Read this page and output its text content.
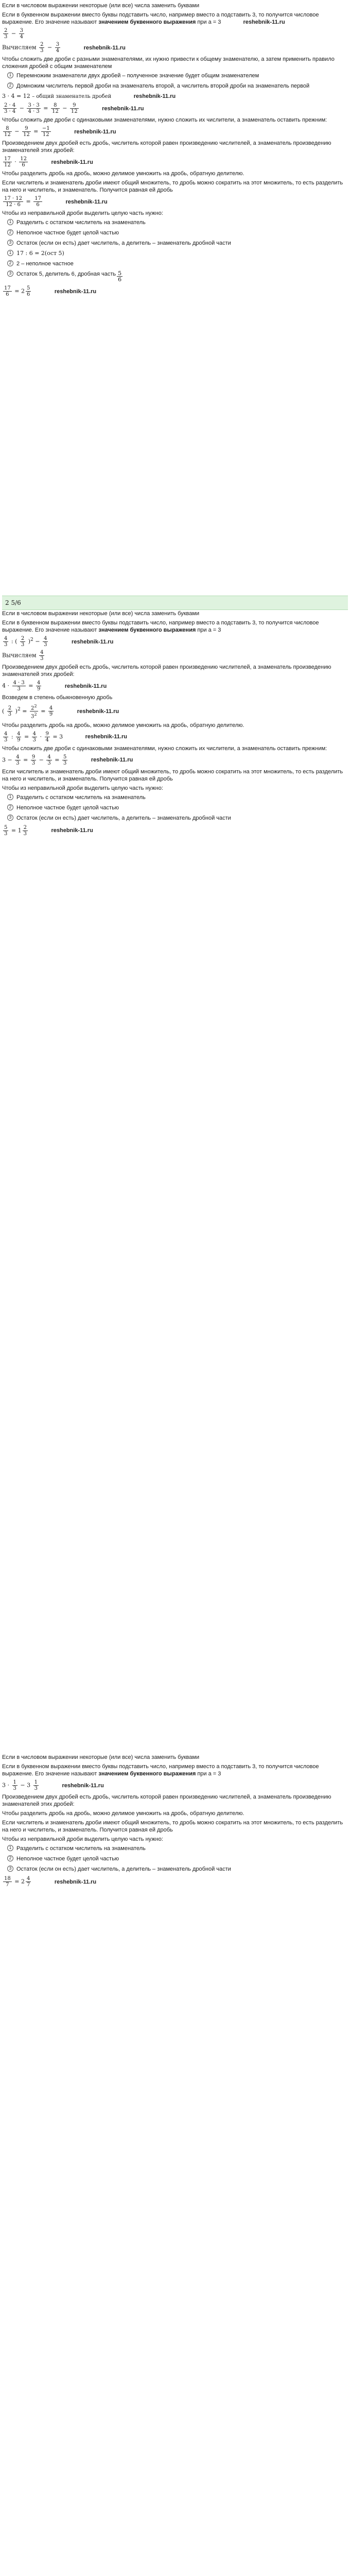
Если в числовом выражении некоторые (или все) числа заменить буквами

Если в буквенном выражении вместо буквы подставить число, например вместо a подставить 3, то получится числовое выражение. Его значение называют значением буквенного выражения при a = 3	reshebnik-11.ru

$\frac{2}{3} - \frac{3}{4}$
Вычисляем $\frac{2}{3} - \frac{3}{4}$	reshebnik-11.ru

Чтобы сложить две дроби с разными знаменателями, их нужно привести к общему знаменателю, а затем применить правило сложения дробей с общим знаменателем

1 Перемножим знаменатели двух дробей – полученное значение будет общим знаменателем
2 Домножим числитель первой дроби на знаменатель второй, а числитель второй дроби на знаменатель первой
3 · 4 = 12 – общий знаменатель дробей	reshebnik-11.ru
$\frac{2 \cdot 4}{3 \cdot 4} - \frac{3 \cdot 3}{4 \cdot 3} = \frac{8}{12} - \frac{9}{12}$	reshebnik-11.ru

Чтобы сложить две дроби с одинаковыми знаменателями, нужно сложить их числители, а знаменатель оставить прежним:

$\frac{8}{12} - \frac{9}{12} = \frac{-1}{12}$	reshebnik-11.ru

Произведением двух дробей есть дробь, числитель которой равен произведению числителей, а знаменатель произведению знаменателей этих дробей:

$\frac{17}{12} \cdot \frac{12}{6}$	reshebnik-11.ru

Чтобы разделить дробь на дробь, можно делимое умножить на дробь, обратную делителю.

Если числитель и знаменатель дроби имеют общий множитель, то дробь можно сократить на этот множитель, то есть разделить на него и числитель, и знаменатель. Получится равная ей дробь

$\frac{17 \cdot 12}{12 \cdot 6} = \frac{17}{6}$	reshebnik-11.ru

Чтобы из неправильной дроби выделить целую часть нужно:

1 Разделить с остатком числитель на знаменатель
2 Неполное частное будет целой частью
3 Остаток (если он есть) дает числитель, а делитель – знаменатель дробной части
1 17 : 6 = 2(ост 5)
2 2 – неполное частное
3 Остаток 5, делитель 6, дробная часть $\frac{5}{6}$
$\frac{17}{6} = 2 \frac{5}{6}$	reshebnik-11.ru
2 5/6

Если в числовом выражении некоторые (или все) числа заменить буквами

Если в буквенном выражении вместо буквы подставить число, например вместо a подставить 3, то получится числовое выражение. Его значение называют значением буквенного выражения при a = 3

$\frac{4}{3}$ : ( $\frac{2}{3} )^2 - \frac{4}{3}$	reshebnik-11.ru
Вычисляем $\frac{4}{3}$

Произведением двух дробей есть дробь, числитель которой равен произведению числителей, а знаменатель произведению знаменателей этих дробей:

$4 \cdot \frac{4 \cdot 3}{3} = \frac{4}{9}$	reshebnik-11.ru

Возведем в степень обыкновенную дробь

( $\frac{2}{3} )^2 = \frac{2^2}{3^2} = \frac{4}{9}$	reshebnik-11.ru

Чтобы разделить дробь на дробь, можно делимое умножить на дробь, обратную делителю.

$\frac{4}{3}$ : $\frac{4}{9} = \frac{4}{3} \cdot \frac{9}{4} = 3$	reshebnik-11.ru

Чтобы сложить две дроби с одинаковыми знаменателями, нужно сложить их числители, а знаменатель оставить прежним:

$3 - \frac{4}{3} = \frac{9}{3} - \frac{4}{3} = \frac{5}{3}$	reshebnik-11.ru

Если числитель и знаменатель дроби имеют общий множитель, то дробь можно сократить на этот множитель, то есть разделить на него и числитель, и знаменатель. Получится равная ей дробь

Чтобы из неправильной дроби выделить целую часть нужно:

1 Разделить с остатком числитель на знаменатель
2 Неполное частное будет целой частью
3 Остаток (если он есть) дает числитель, а делитель – знаменатель дробной части
$\frac{5}{3} = 1 \frac{2}{3}$	reshebnik-11.ru

Если в числовом выражении некоторые (или все) числа заменить буквами

Если в буквенном выражении вместо буквы подставить число, например вместо a подставить 3, то получится числовое выражение. Его значение называют значением буквенного выражения при a = 3

$3 \cdot \frac{1}{3} - 3 \frac{1}{3}$	reshebnik-11.ru

Произведением двух дробей есть дробь, числитель которой равен произведению числителей, а знаменатель произведению знаменателей этих дробей:

Чтобы разделить дробь на дробь, можно делимое умножить на дробь, обратную делителю.

Если числитель и знаменатель дроби имеют общий множитель, то дробь можно сократить на этот множитель, то есть разделить на него и числитель, и знаменатель. Получится равная ей дробь

Чтобы из неправильной дроби выделить целую часть нужно:

1 Разделить с остатком числитель на знаменатель
2 Неполное частное будет целой частью
3 Остаток (если он есть) дает числитель, а делитель – знаменатель дробной части
$\frac{18}{7} = 2 \frac{4}{7}$	reshebnik-11.ru
